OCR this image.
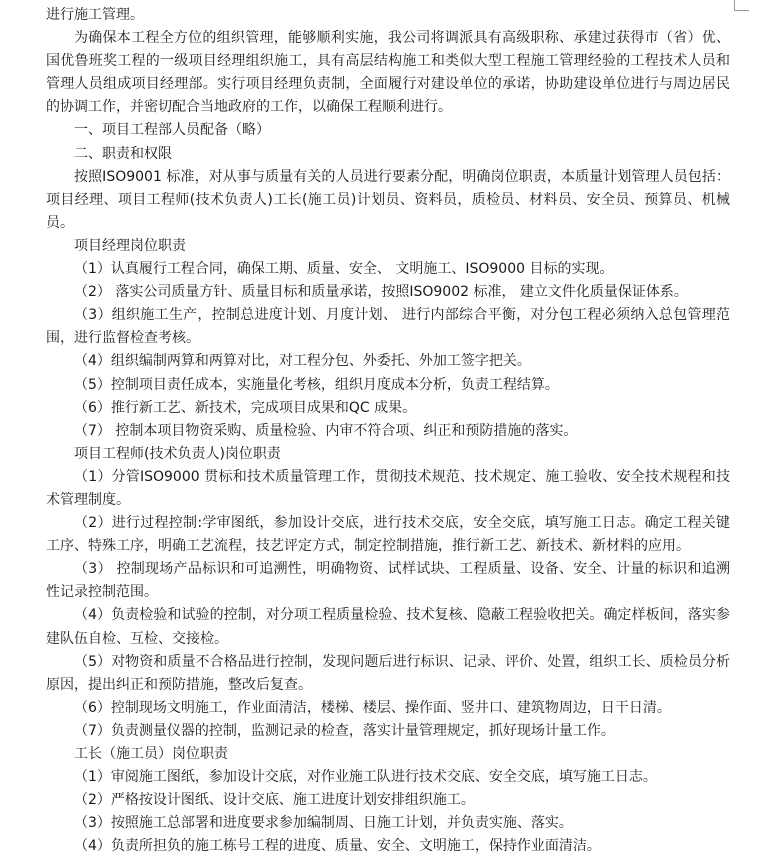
进行施工管理。

为确保本工程全方位的组织管理，能够顺利实施，我公司将调派具有高级职称、承建过获得市（省）优、国优鲁班奖工程的一级项目经理组织施工，具有高层结构施工和类似大型工程施工管理经验的工程技术人员和管理人员组成项目经理部。实行项目经理负责制，全面履行对建设单位的承诺，协助建设单位进行与周边居民的协调工作，并密切配合当地政府的工作，以确保工程顺利进行。

一、项目工程部人员配备（略）

二、职责和权限

按照ISO9001 标准，对从事与质量有关的人员进行要素分配，明确岗位职责，本质量计划管理人员包括：项目经理、项目工程师(技术负责人)工长(施工员)计划员、资料员，质检员、材料员、安全员、预算员、机械员。

项目经理岗位职责

（1）认真履行工程合同，确保工期、质量、安全、 文明施工、ISO9000 目标的实现。

（2） 落实公司质量方针、质量目标和质量承诺，按照ISO9002 标准， 建立文件化质量保证体系。

（3）组织施工生产，控制总进度计划、月度计划、 进行内部综合平衡，对分包工程必须纳入总包管理范围，进行监督检查考核。

（4）组织编制两算和两算对比，对工程分包、外委托、外加工签字把关。

（5）控制项目责任成本，实施量化考核，组织月度成本分析，负责工程结算。

（6）推行新工艺、新技术，完成项目成果和QC 成果。

（7） 控制本项目物资采购、质量检验、内审不符合项、纠正和预防措施的落实。

项目工程师(技术负责人)岗位职责

（1）分管ISO9000 贯标和技术质量管理工作，贯彻技术规范、技术规定、施工验收、安全技术规程和技术管理制度。

（2）进行过程控制:学审图纸，参加设计交底，进行技术交底，安全交底，填写施工日志。确定工程关键工序、特殊工序，明确工艺流程，技艺评定方式，制定控制措施，推行新工艺、新技术、新材料的应用。

（3） 控制现场产品标识和可追溯性，明确物资、试样试块、工程质量、设备、安全、计量的标识和追溯性记录控制范围。

（4）负责检验和试验的控制，对分项工程质量检验、技术复核、隐蔽工程验收把关。确定样板间，落实参建队伍自检、互检、交接检。

（5）对物资和质量不合格品进行控制，发现问题后进行标识、记录、评价、处置，组织工长、质检员分析原因，提出纠正和预防措施，整改后复查。

（6）控制现场文明施工，作业面清洁，楼梯、楼层、操作面、竖井口、建筑物周边，日干日清。

（7）负责测量仪器的控制，监测记录的检查，落实计量管理规定，抓好现场计量工作。

工长（施工员）岗位职责

（1）审阅施工图纸，参加设计交底，对作业施工队进行技术交底、安全交底，填写施工日志。

（2）严格按设计图纸、设计交底、施工进度计划安排组织施工。

（3）按照施工总部署和进度要求参加编制周、日施工计划，并负责实施、落实。

（4）负责所担负的施工栋号工程的进度、质量、安全、文明施工，保持作业面清洁。
